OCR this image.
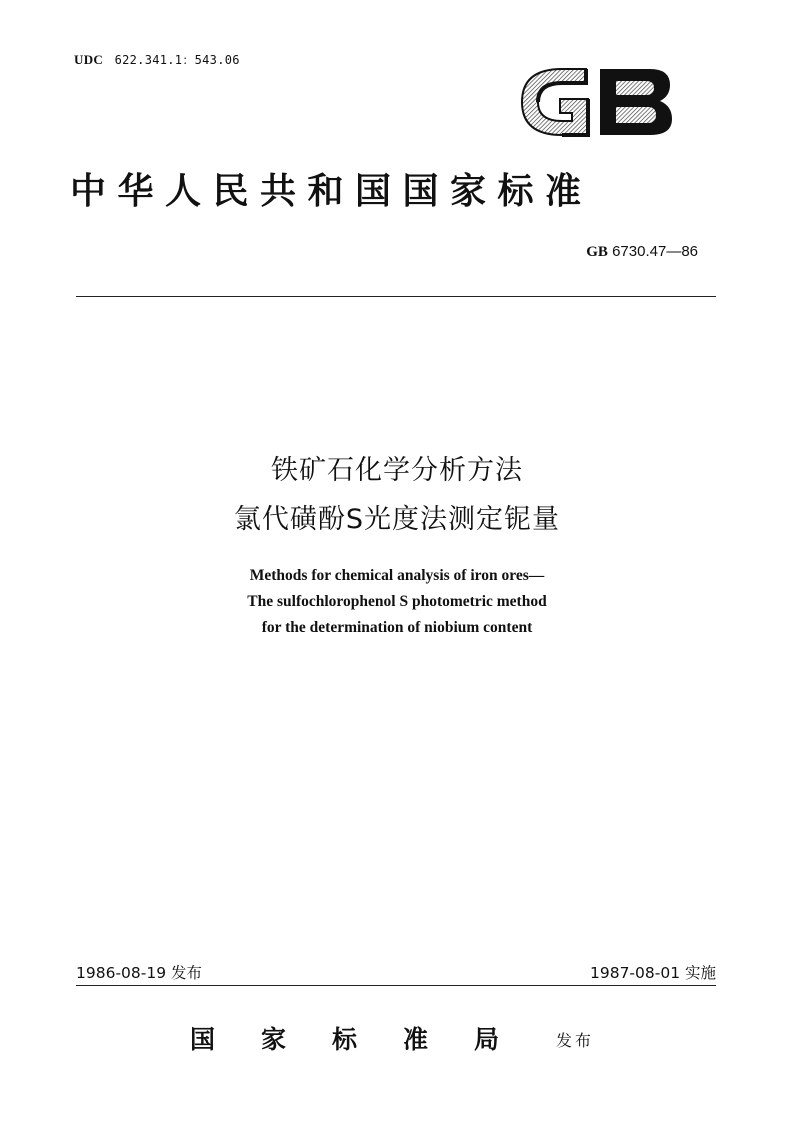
UDC 622.341.1：543.06	GB
中华人民共和国国家标准
GB 6730.47—86
铁矿石化学分析方法
氯代磺酚S光度法测定铌量
Methods for chemical analysis of iron ores—
The sulfochlorophenol S photometric method
for the determination of niobium content
1986-08-19 发布	1987-08-01 实施
国家标准局 发布
